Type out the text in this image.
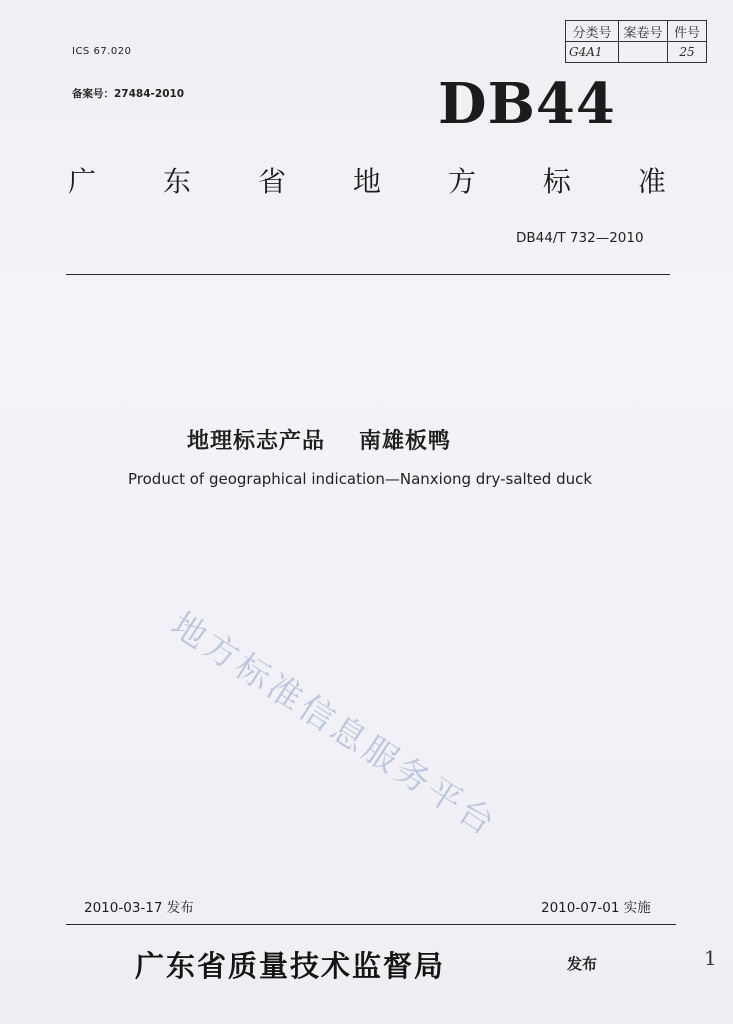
分类号	案卷号	件号
G4A1		25
ICS 67.020
备案号：27484-2010	DB44
广 东 省 地 方 标 准
DB44/T 732—2010
地理标志产品 南雄板鸭
Product of geographical indication—Nanxiong dry-salted duck
地方标准信息服务平台
2010-03-17 发布	2010-07-01 实施
广东省质量技术监督局	发布	1
